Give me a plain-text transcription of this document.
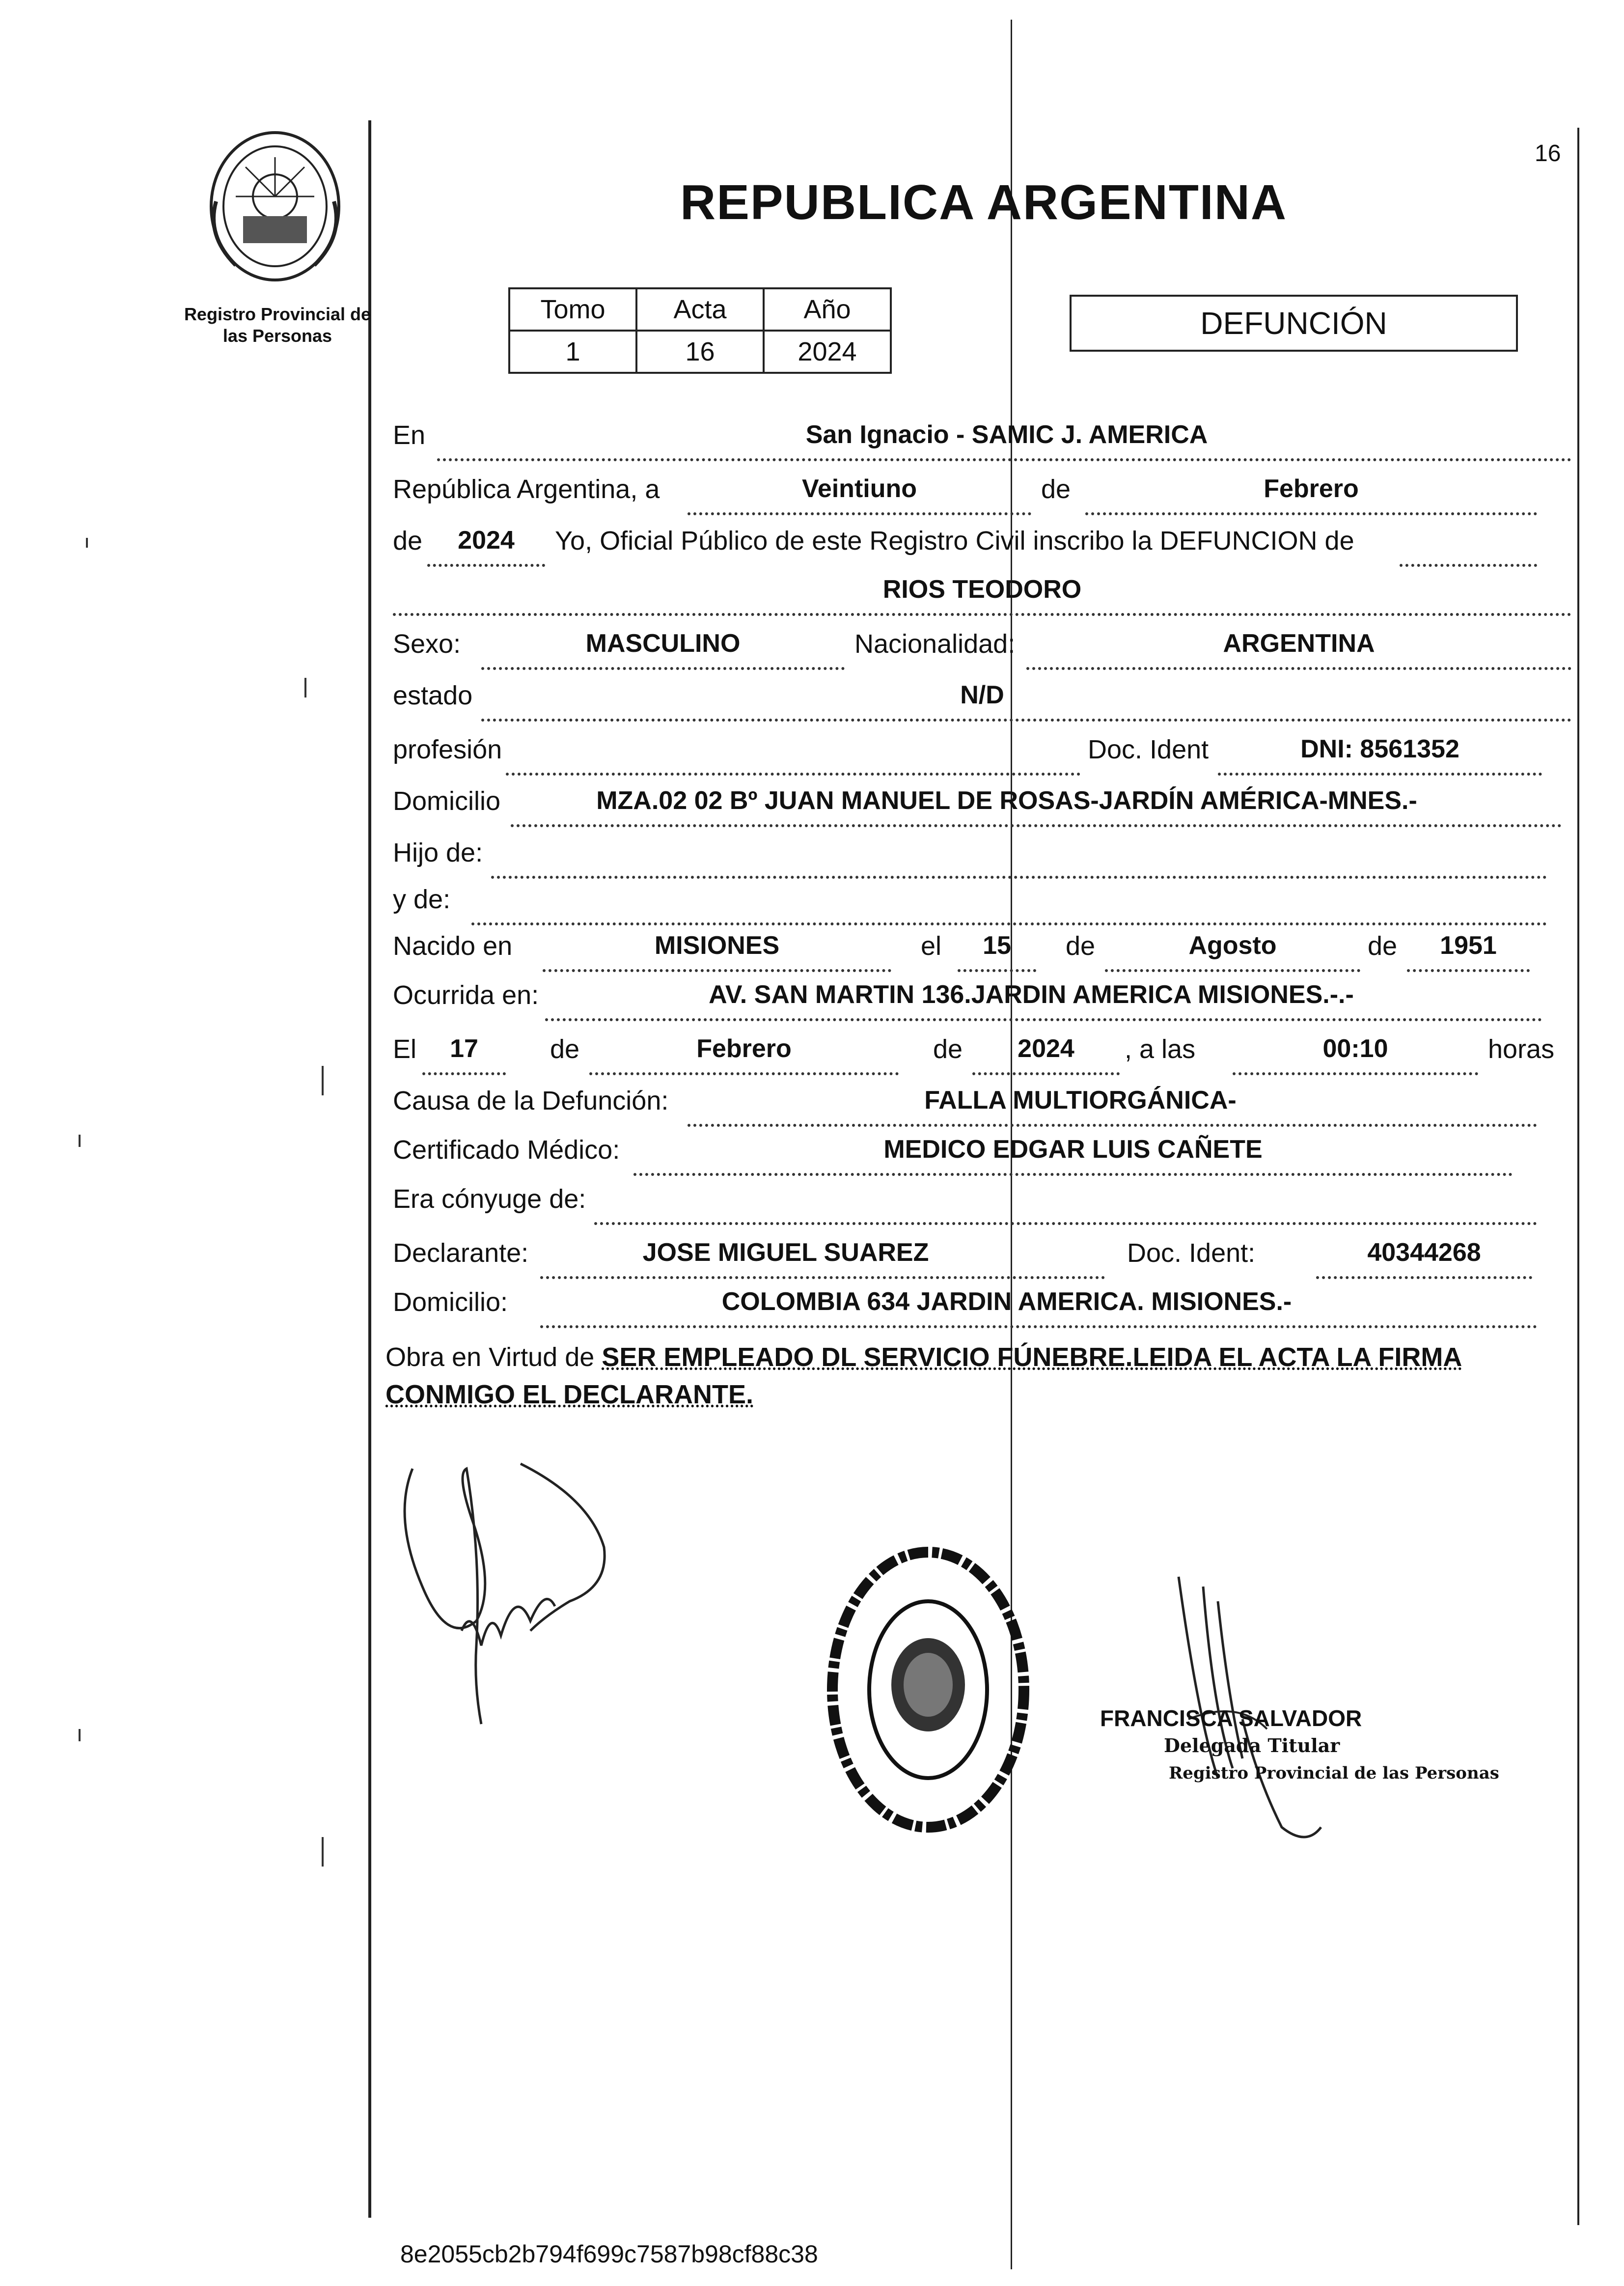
16
Registro Provincial de
las Personas
REPUBLICA ARGENTINA
Tomo	Acta	Año
1	16	2024
DEFUNCIÓN
En	San Ignacio - SAMIC J. AMERICA
República Argentina, a	Veintiuno	de	Febrero
de	2024	Yo, Oficial Público de este Registro Civil inscribo la DEFUNCION de
RIOS TEODORO
Sexo:	MASCULINO	Nacionalidad:	ARGENTINA
estado	N/D
profesión	Doc. Ident	DNI: 8561352
Domicilio	MZA.02 02 Bº JUAN MANUEL DE ROSAS-JARDÍN AMÉRICA-MNES.-
Hijo de:
y de:
Nacido en	MISIONES	el	15	de	Agosto	de	1951
Ocurrida en:	AV. SAN MARTIN 136.JARDIN AMERICA MISIONES.-.-
El	17	de	Febrero	de	2024	, a las	00:10	horas
Causa de la Defunción:	FALLA MULTIORGÁNICA-
Certificado Médico:	MEDICO EDGAR LUIS CAÑETE
Era cónyuge de:
Declarante:	JOSE MIGUEL SUAREZ	Doc. Ident:	40344268
Domicilio:	COLOMBIA 634 JARDIN AMERICA. MISIONES.-
Obra en Virtud de SER EMPLEADO DL SERVICIO FÚNEBRE.LEIDA EL ACTA LA FIRMA CONMIGO EL DECLARANTE.
FRANCISCA SALVADOR
Delegada Titular
Registro Provincial de las Personas
8e2055cb2b794f699c7587b98cf88c38
